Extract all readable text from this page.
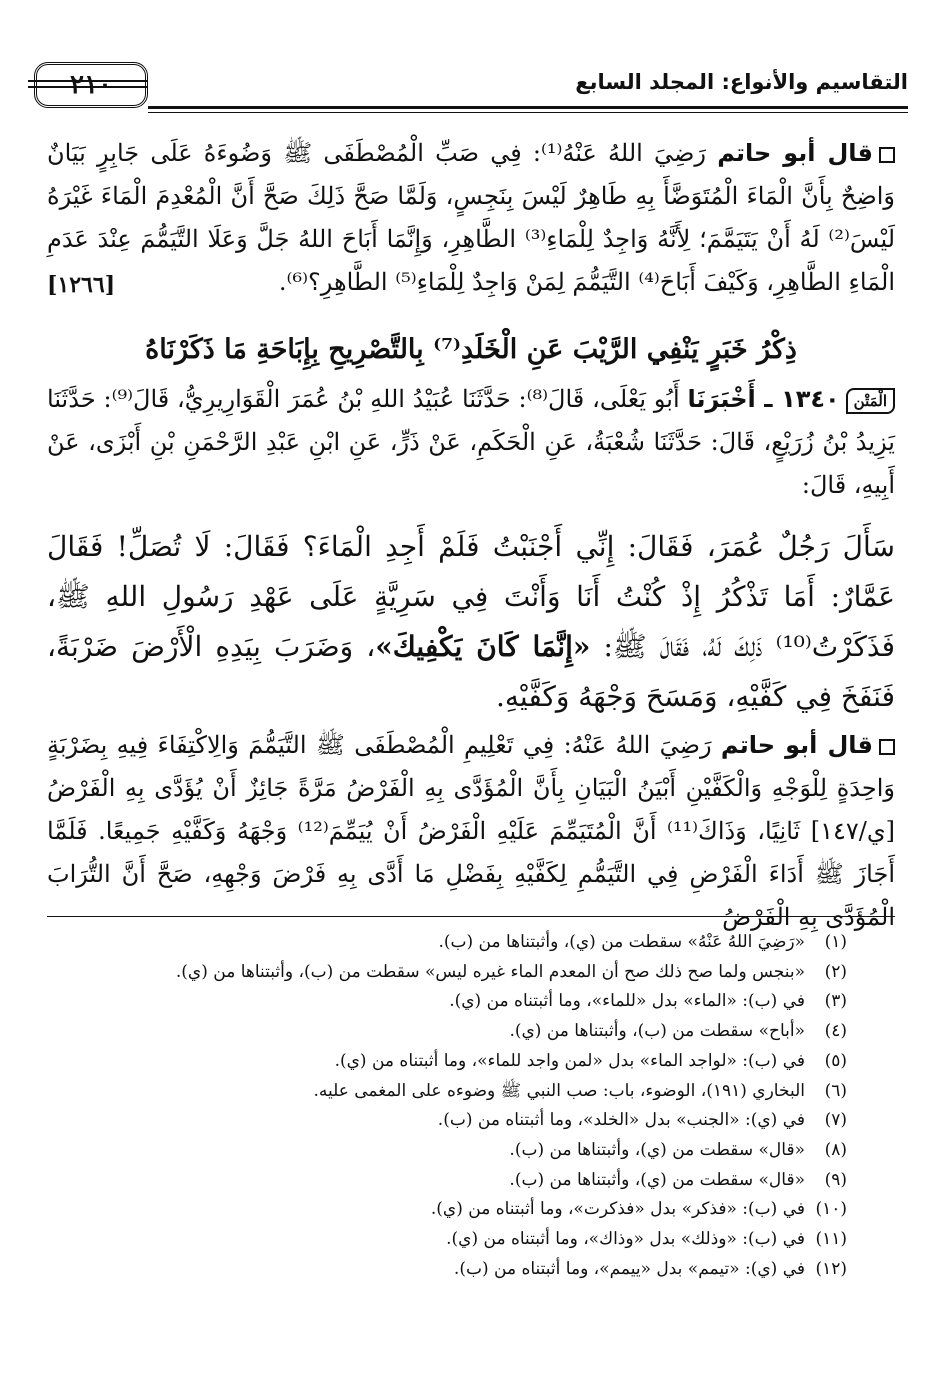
التقاسيم والأنواع: المجلد السابع
٢١٠

قال أبو حاتم رَضِيَ اللهُ عَنْهُ⁽¹⁾: فِي صَبِّ الْمُصْطَفَى ﷺ وَضُوءَهُ عَلَى جَابِرٍ بَيَانٌ وَاضِحٌ بِأَنَّ الْمَاءَ الْمُتَوَضَّأَ بِهِ طَاهِرٌ لَيْسَ بِنَجِسٍ، وَلَمَّا صَحَّ ذَلِكَ صَحَّ أَنَّ الْمُعْدِمَ الْمَاءَ غَيْرَهُ لَيْسَ⁽²⁾ لَهُ أَنْ يَتَيَمَّمَ؛ لِأَنَّهُ وَاجِدٌ لِلْمَاءِ⁽³⁾ الطَّاهِرِ، وَإِنَّمَا أَبَاحَ اللهُ جَلَّ وَعَلَا التَّيَمُّمَ عِنْدَ عَدَمِ الْمَاءِ الطَّاهِرِ، وَكَيْفَ أَبَاحَ⁽⁴⁾ التَّيَمُّمَ لِمَنْ وَاجِدٌ لِلْمَاءِ⁽⁵⁾ الطَّاهِرِ؟⁽⁶⁾.

[١٢٦٦]
ذِكْرُ خَبَرٍ يَنْفِي الرَّيْبَ عَنِ الْخَلَدِ⁽⁷⁾ بِالتَّصْرِيحِ بِإِبَاحَةِ مَا ذَكَرْنَاهُ

الْمَتْن١٣٤٠ ـ أَخْبَرَنَا أَبُو يَعْلَى، قَالَ⁽⁸⁾: حَدَّثَنَا عُبَيْدُ اللهِ بْنُ عُمَرَ الْقَوَارِيرِيُّ، قَالَ⁽⁹⁾: حَدَّثَنَا يَزِيدُ بْنُ زُرَيْعٍ، قَالَ: حَدَّثَنَا شُعْبَةُ، عَنِ الْحَكَمِ، عَنْ ذَرٍّ، عَنِ ابْنِ عَبْدِ الرَّحْمَنِ بْنِ أَبْزَى، عَنْ أَبِيهِ، قَالَ:

سَأَلَ رَجُلٌ عُمَرَ، فَقَالَ: إِنِّي أَجْنَبْتُ فَلَمْ أَجِدِ الْمَاءَ؟ فَقَالَ: لَا تُصَلِّ! فَقَالَ عَمَّارٌ: أَمَا تَذْكُرُ إِذْ كُنْتُ أَنَا وَأَنْتَ فِي سَرِيَّةٍ عَلَى عَهْدِ رَسُولِ اللهِ ﷺ، فَذَكَرْتُ⁽¹⁰⁾ ذَلِكَ لَهُ، فَقَالَ ﷺ: «إِنَّمَا كَانَ يَكْفِيكَ»، وَضَرَبَ بِيَدِهِ الْأَرْضَ ضَرْبَةً، فَنَفَخَ فِي كَفَّيْهِ، وَمَسَحَ وَجْهَهُ وَكَفَّيْهِ.

قال أبو حاتم رَضِيَ اللهُ عَنْهُ: فِي تَعْلِيمِ الْمُصْطَفَى ﷺ التَّيَمُّمَ وَالِاكْتِفَاءَ فِيهِ بِضَرْبَةٍ وَاحِدَةٍ لِلْوَجْهِ وَالْكَفَّيْنِ أَبْيَنُ الْبَيَانِ بِأَنَّ الْمُؤَدَّى بِهِ الْفَرْضُ مَرَّةً جَائِزٌ أَنْ يُؤَدَّى بِهِ الْفَرْضُ [ي/١٤٧] ثَانِيًا، وَذَاكَ⁽¹¹⁾ أَنَّ الْمُتَيَمِّمَ عَلَيْهِ الْفَرْضُ أَنْ يُيَمِّمَ⁽¹²⁾ وَجْهَهُ وَكَفَّيْهِ جَمِيعًا. فَلَمَّا أَجَازَ ﷺ أَدَاءَ الْفَرْضِ فِي التَّيَمُّمِ لِكَفَّيْهِ بِفَضْلِ مَا أَدَّى بِهِ فَرْضَ وَجْهِهِ، صَحَّ أَنَّ التُّرَابَ الْمُؤَدَّى بِهِ الْفَرْضُ

(١)«رَضِيَ اللهُ عَنْهُ» سقطت من (ي)، وأثبتناها من (ب).
(٢)«بنجس ولما صح ذلك صح أن المعدم الماء غيره ليس» سقطت من (ب)، وأثبتناها من (ي).
(٣)في (ب): «الماء» بدل «للماء»، وما أثبتناه من (ي).
(٤)«أباح» سقطت من (ب)، وأثبتناها من (ي).
(٥)في (ب): «لواجد الماء» بدل «لمن واجد للماء»، وما أثبتناه من (ي).
(٦)البخاري (١٩١)، الوضوء، باب: صب النبي ﷺ وضوءه على المغمى عليه.
(٧)في (ي): «الجنب» بدل «الخلد»، وما أثبتناه من (ب).
(٨)«قال» سقطت من (ي)، وأثبتناها من (ب).
(٩)«قال» سقطت من (ي)، وأثبتناها من (ب).
(١٠)في (ب): «فذكر» بدل «فذكرت»، وما أثبتناه من (ي).
(١١)في (ب): «وذلك» بدل «وذاك»، وما أثبتناه من (ي).
(١٢)في (ي): «تيمم» بدل «ييمم»، وما أثبتناه من (ب).
